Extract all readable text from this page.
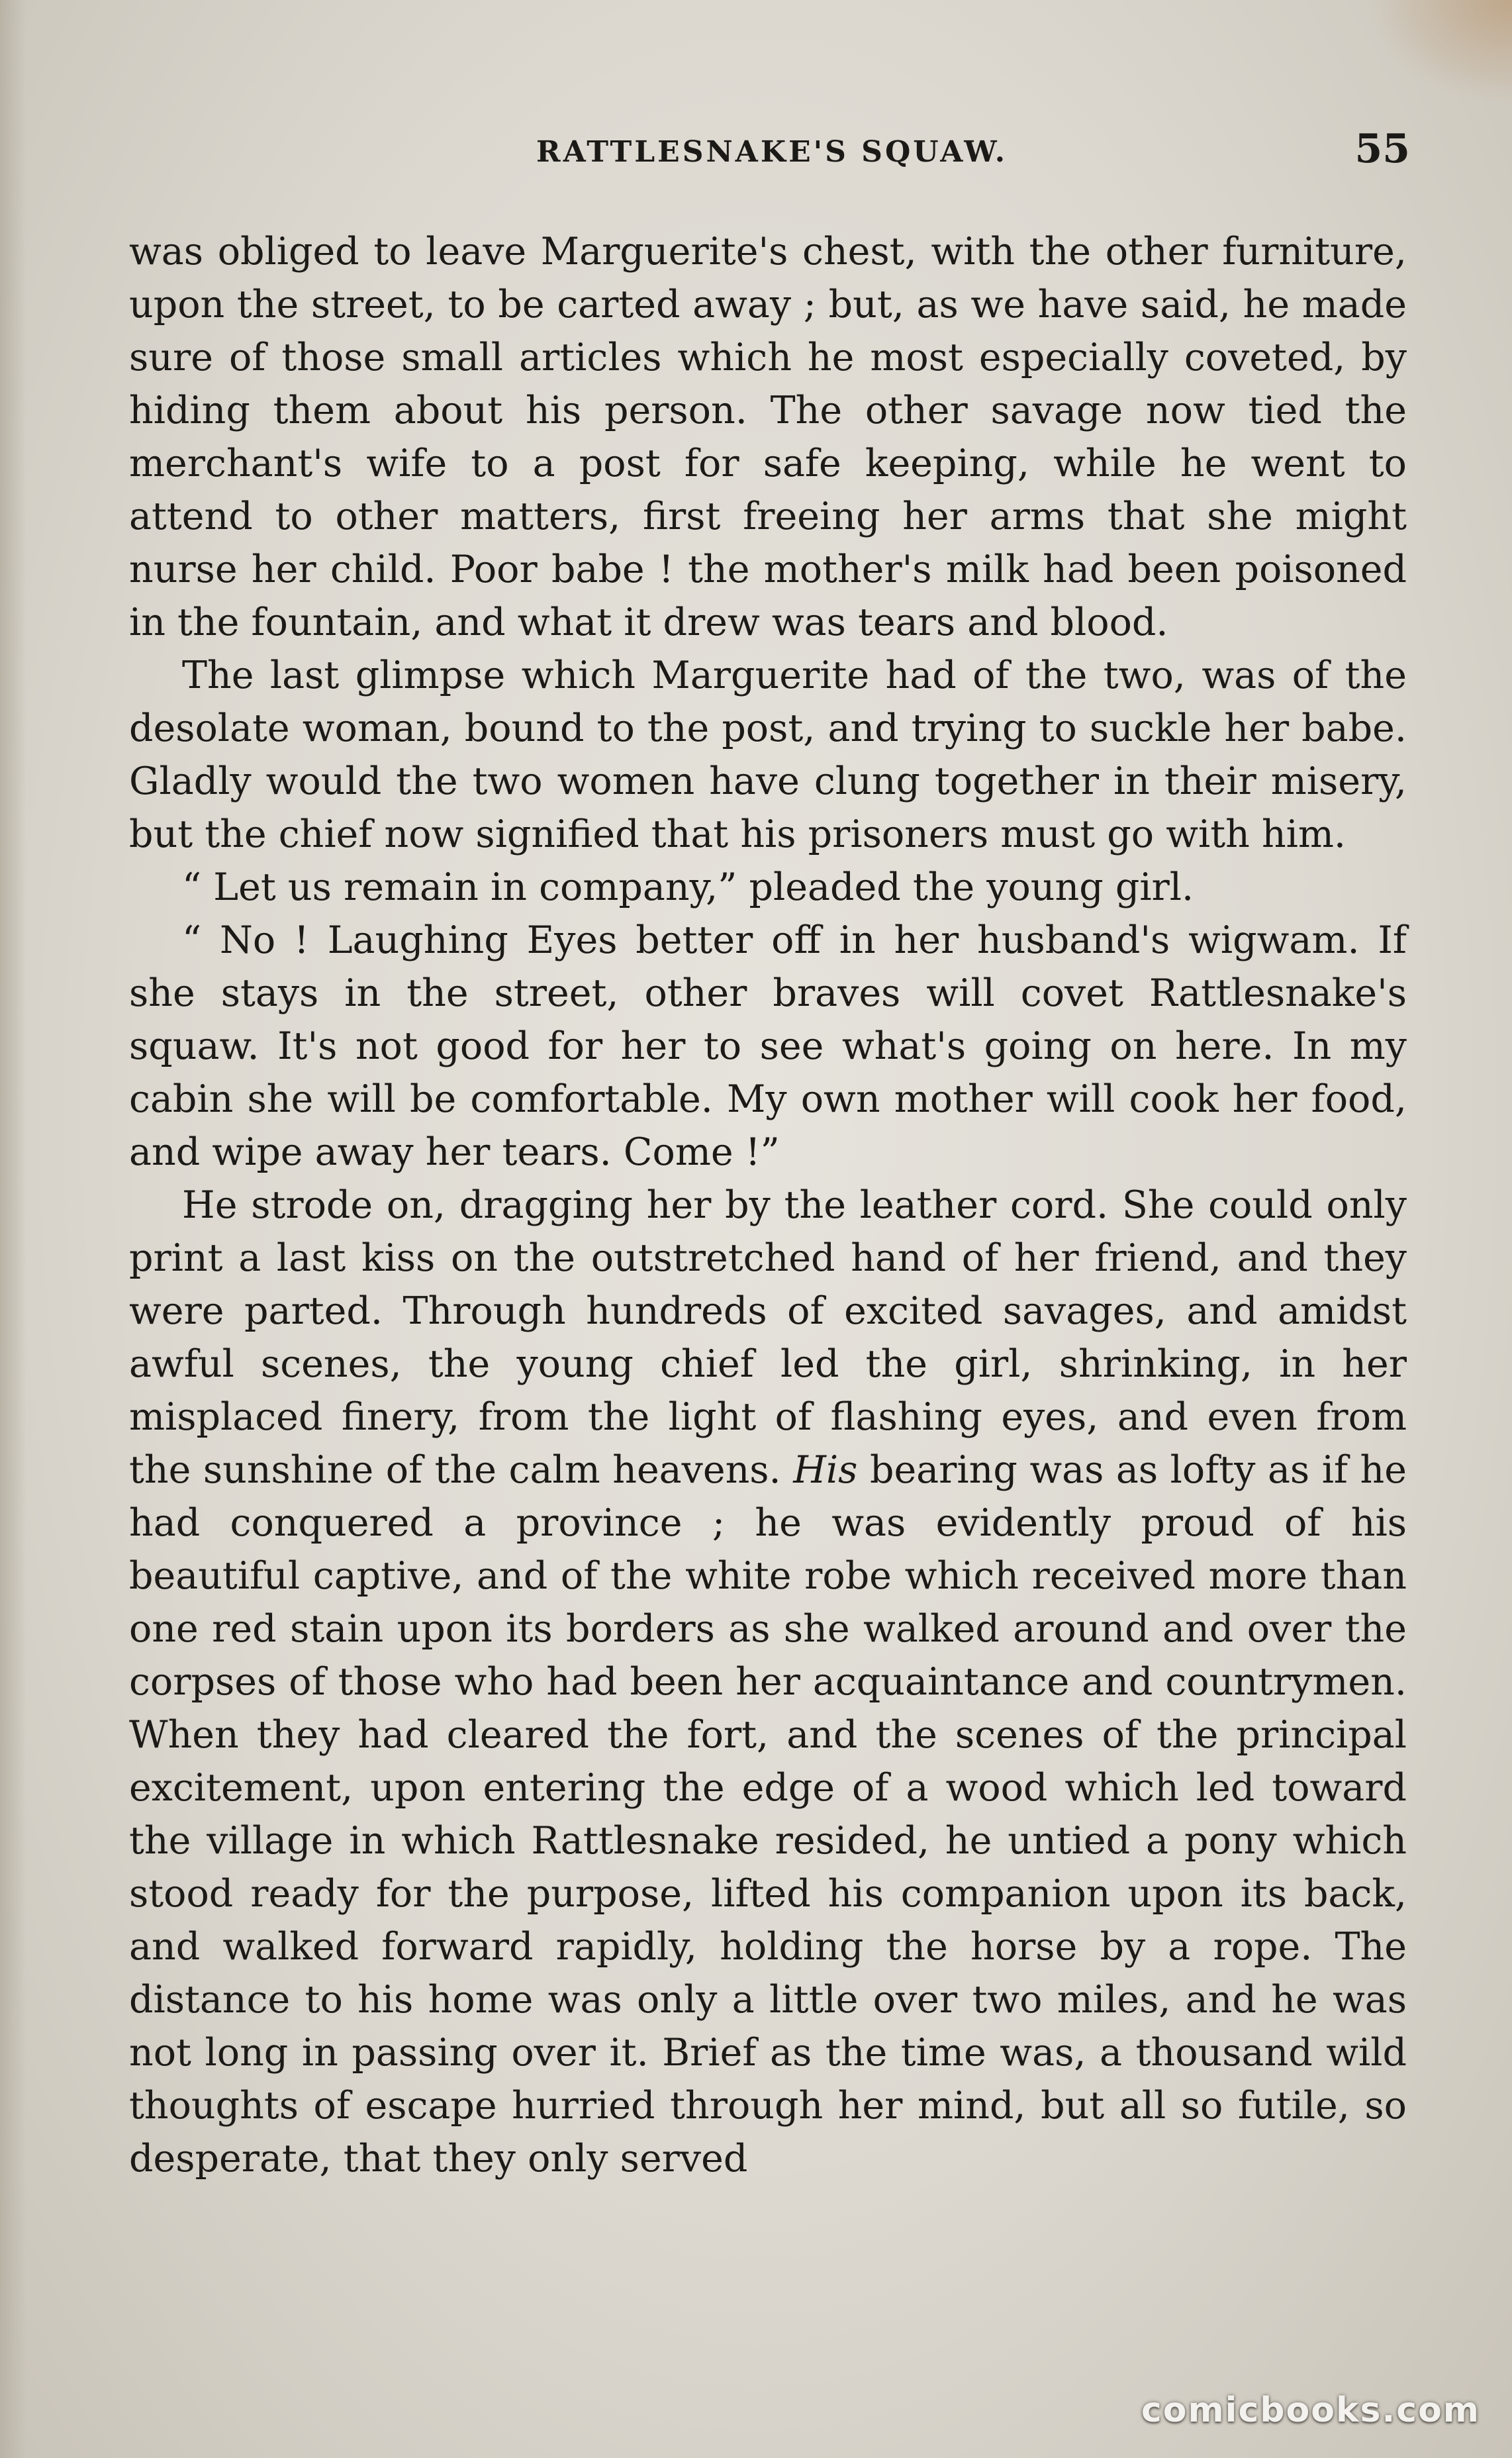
RATTLESNAKE'S SQUAW.	55

was obliged to leave Marguerite's chest, with the other furniture, upon the street, to be carted away ; but, as we have said, he made sure of those small articles which he most especially coveted, by hiding them about his person. The other savage now tied the merchant's wife to a post for safe keeping, while he went to attend to other matters, first freeing her arms that she might nurse her child. Poor babe ! the mother's milk had been poisoned in the fountain, and what it drew was tears and blood.

The last glimpse which Marguerite had of the two, was of the desolate woman, bound to the post, and trying to suckle her babe. Gladly would the two women have clung together in their misery, but the chief now signified that his prisoners must go with him.

“ Let us remain in company,” pleaded the young girl.

“ No ! Laughing Eyes better off in her husband's wigwam. If she stays in the street, other braves will covet Rattlesnake's squaw. It's not good for her to see what's going on here. In my cabin she will be comfortable. My own mother will cook her food, and wipe away her tears. Come !”

He strode on, dragging her by the leather cord. She could only print a last kiss on the outstretched hand of her friend, and they were parted. Through hundreds of excited savages, and amidst awful scenes, the young chief led the girl, shrinking, in her misplaced finery, from the light of flashing eyes, and even from the sunshine of the calm heavens. His bearing was as lofty as if he had conquered a province ; he was evidently proud of his beautiful captive, and of the white robe which received more than one red stain upon its borders as she walked around and over the corpses of those who had been her acquaintance and countrymen. When they had cleared the fort, and the scenes of the principal excitement, upon entering the edge of a wood which led toward the village in which Rattlesnake resided, he untied a pony which stood ready for the purpose, lifted his companion upon its back, and walked forward rapidly, holding the horse by a rope. The distance to his home was only a little over two miles, and he was not long in passing over it. Brief as the time was, a thousand wild thoughts of escape hurried through her mind, but all so futile, so desperate, that they only served

comicbooks.com
